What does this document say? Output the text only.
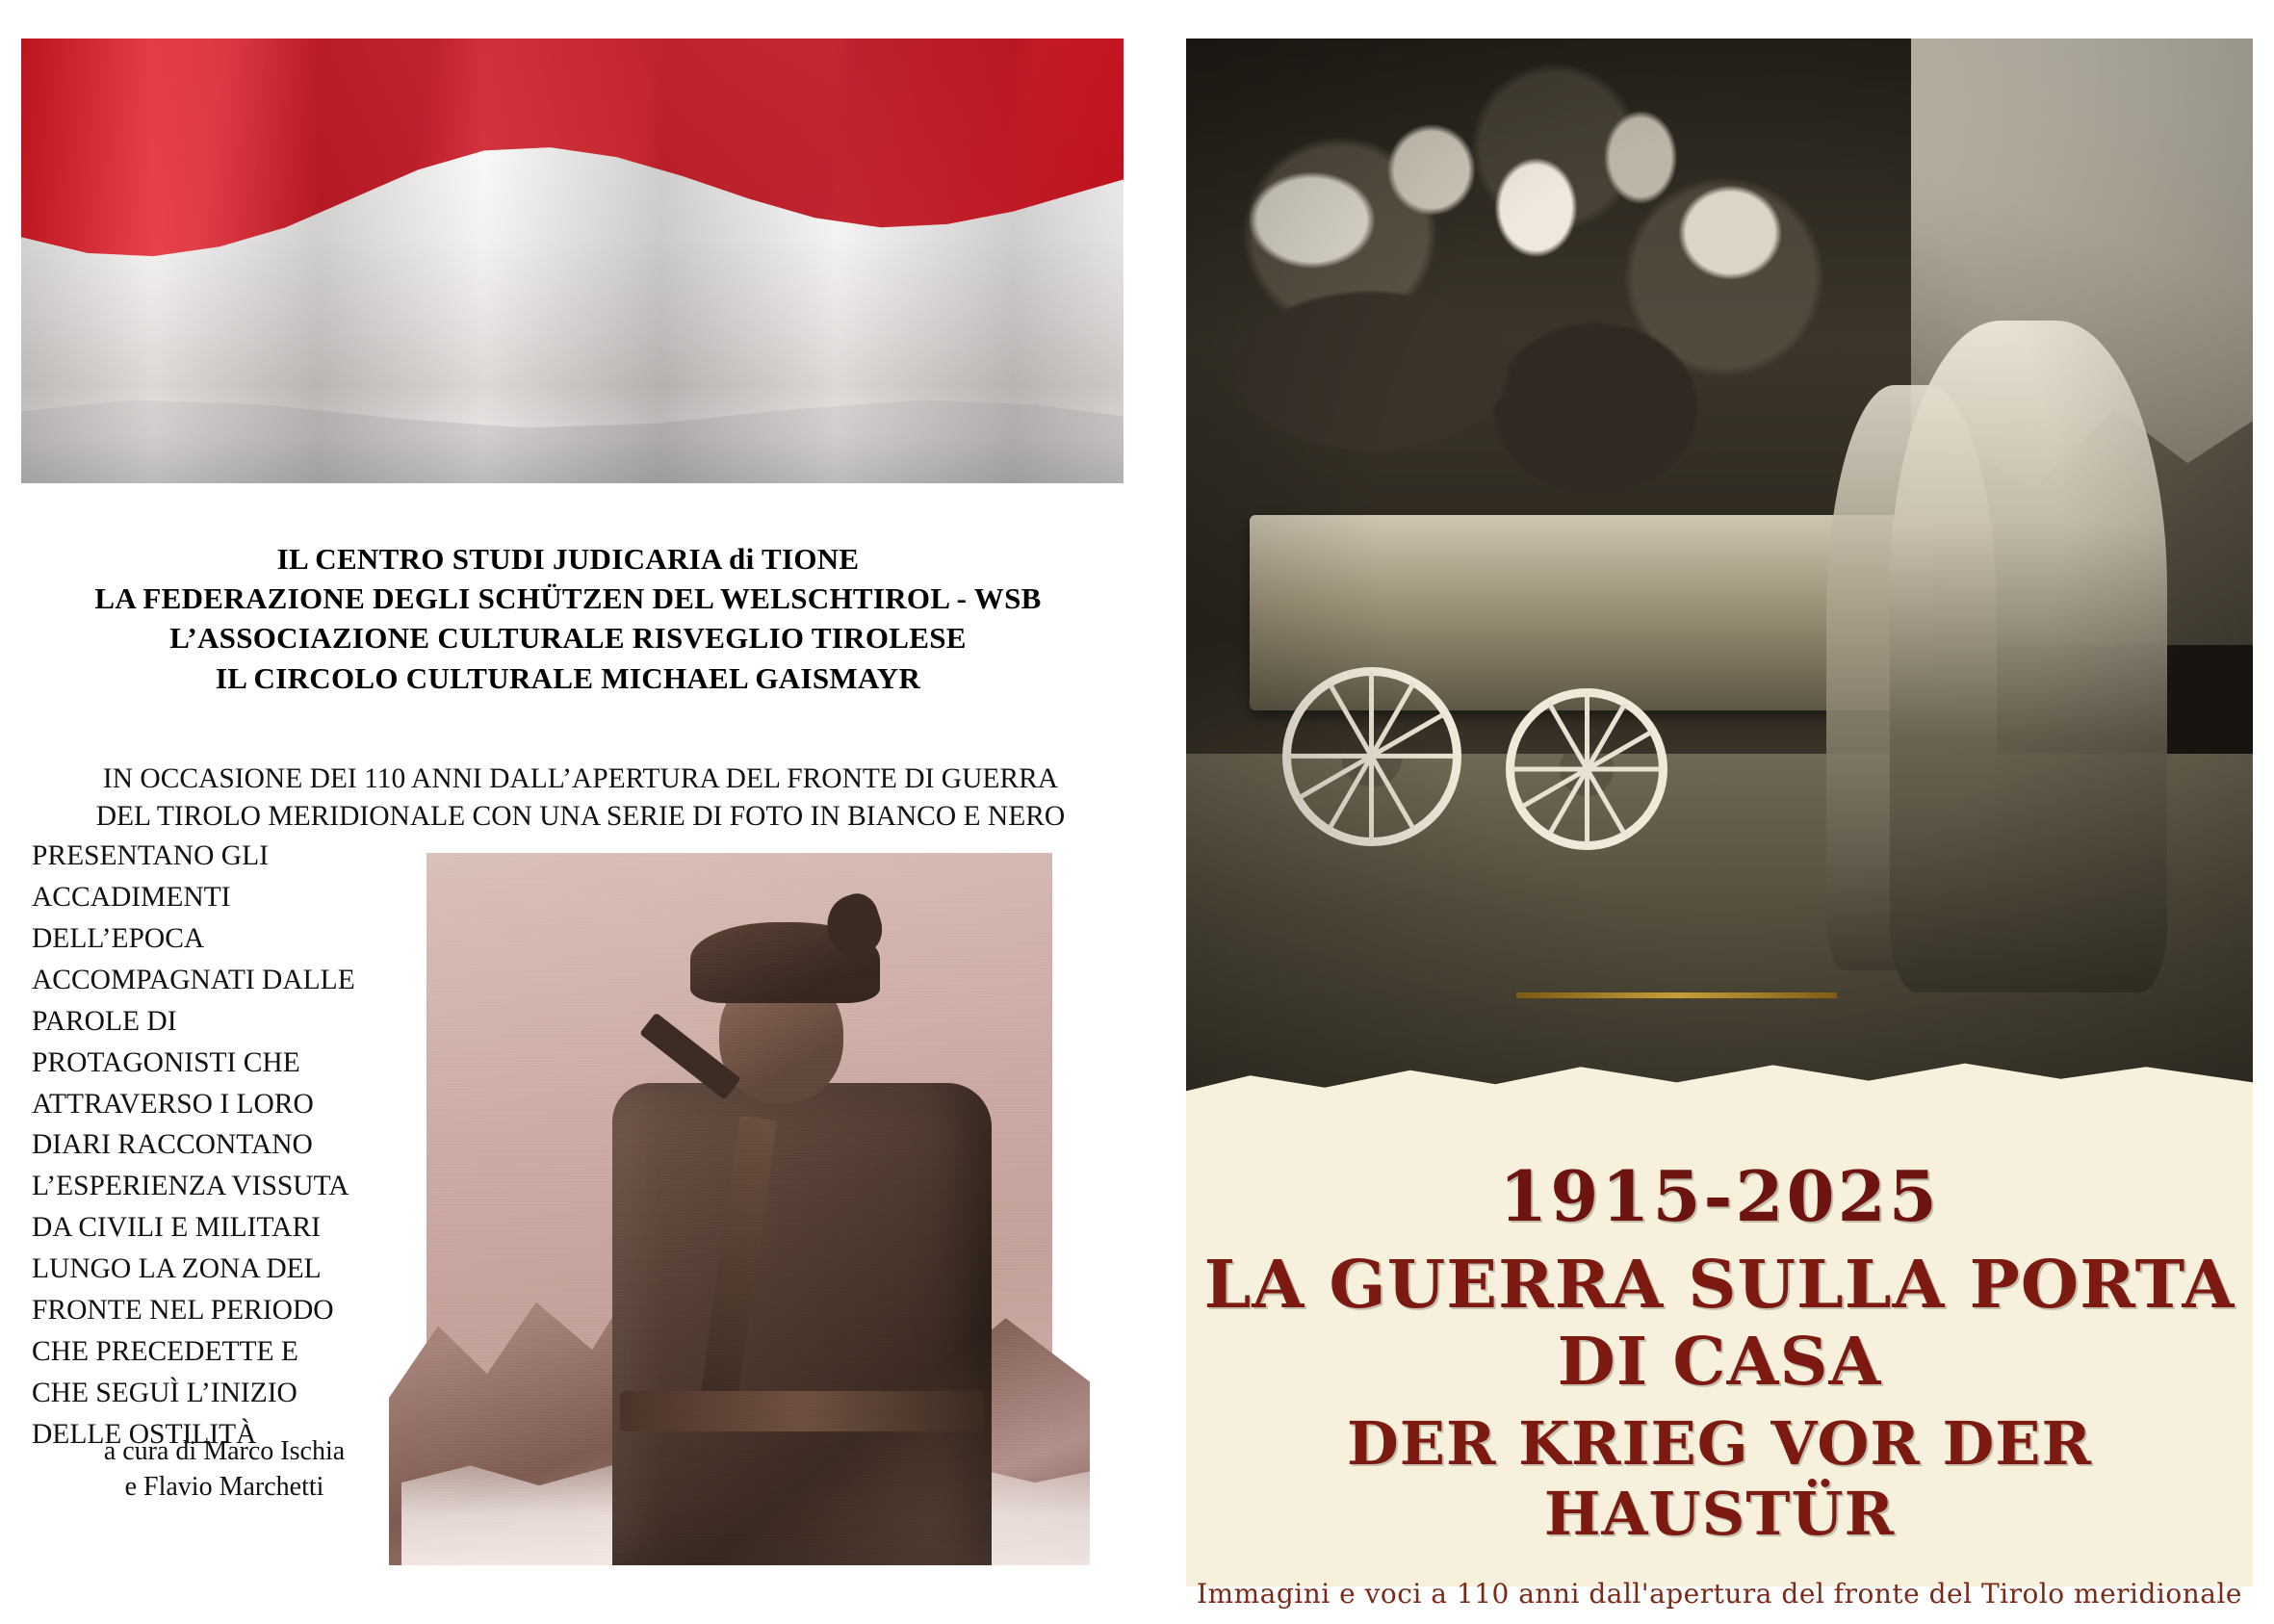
IL CENTRO STUDI JUDICARIA di TIONE
LA FEDERAZIONE DEGLI SCHÜTZEN DEL WELSCHTIROL - WSB
L’ASSOCIAZIONE CULTURALE RISVEGLIO TIROLESE
IL CIRCOLO CULTURALE MICHAEL GAISMAYR
IN OCCASIONE DEI 110 ANNI DALL’APERTURA DEL FRONTE DI GUERRA
DEL TIROLO MERIDIONALE CON UNA SERIE DI FOTO IN BIANCO E NERO
PRESENTANO GLI
ACCADIMENTI
DELL’EPOCA
ACCOMPAGNATI DALLE
PAROLE DI
PROTAGONISTI CHE
ATTRAVERSO I LORO
DIARI RACCONTANO
L’ESPERIENZA VISSUTA
DA CIVILI E MILITARI
LUNGO LA ZONA DEL
FRONTE NEL PERIODO
CHE PRECEDETTE E
CHE SEGUÌ L’INIZIO
DELLE OSTILITÀ
a cura di Marco Ischia
e Flavio Marchetti
1915-2025
LA GUERRA SULLA PORTA DI CASA
DER KRIEG VOR DER HAUSTÜR
Immagini e voci a 110 anni dall'apertura del fronte del Tirolo meridionale
